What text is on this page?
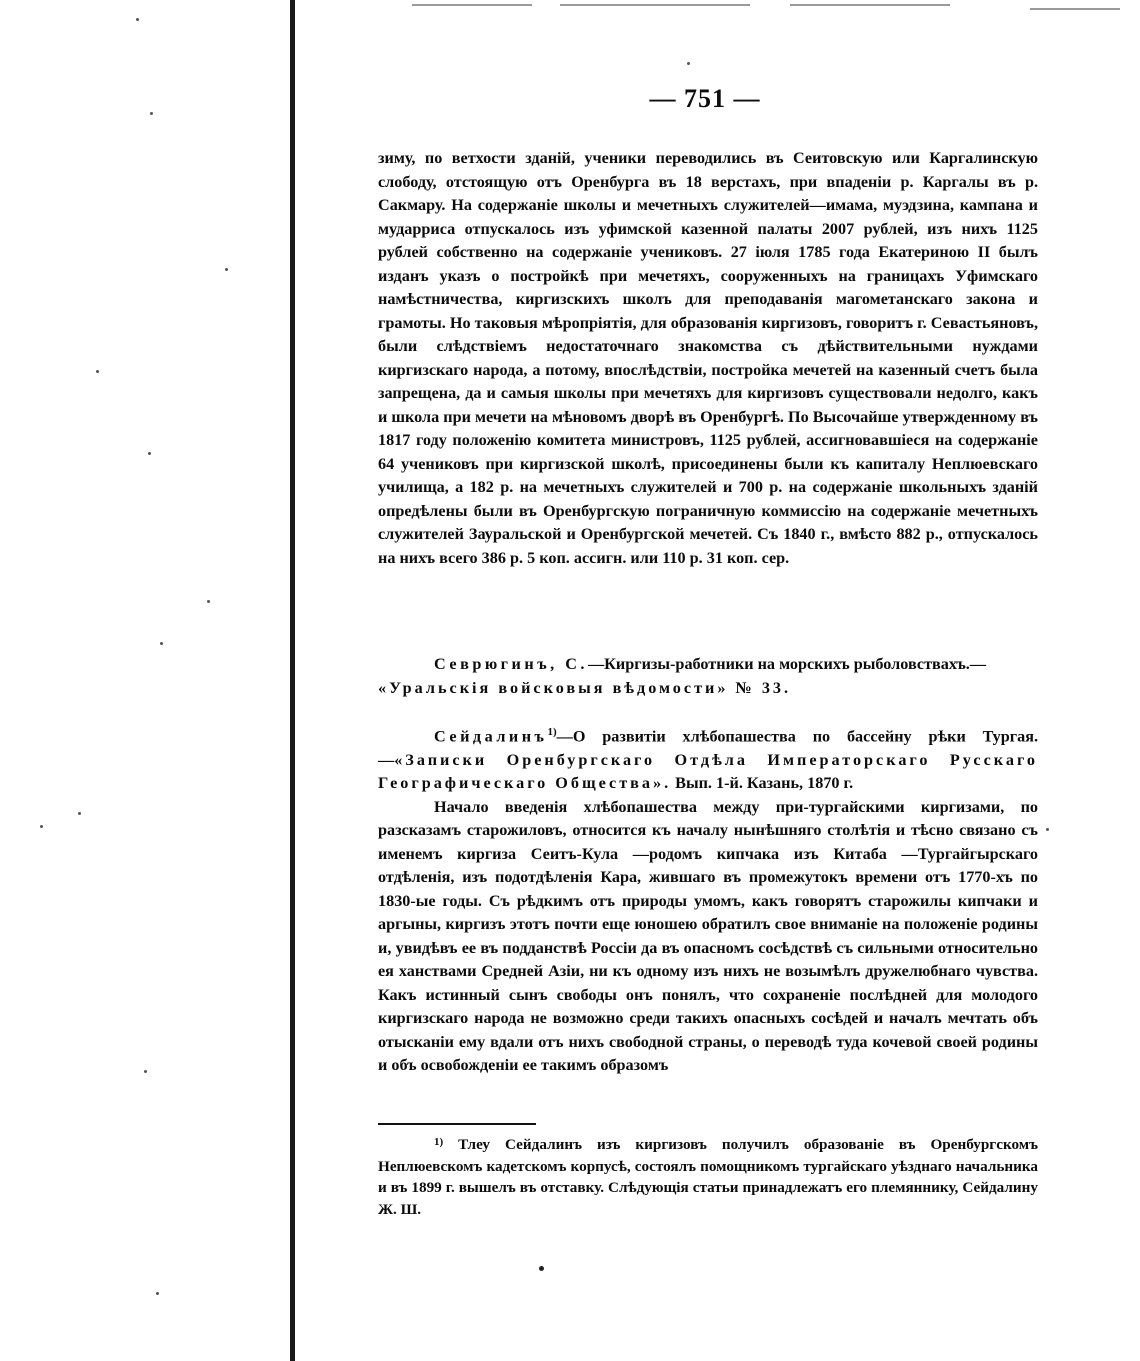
— 751 —

зиму, по ветхости зданій, ученики переводились въ Сеитовскую или Каргалинскую слободу, отстоящую отъ Оренбурга въ 18 верстахъ, при впаденіи р. Каргалы въ р. Сакмару. На содержаніе школы и мечетныхъ служителей—имама, муэдзина, кампана и мударриса отпускалось изъ уфимской казенной палаты 2007 рублей, изъ нихъ 1125 рублей собственно на содержаніе учениковъ. 27 іюля 1785 года Екатериною II былъ изданъ указъ о постройкѣ при мечетяхъ, сооруженныхъ на границахъ Уфимскаго намѣстничества, киргизскихъ школъ для преподаванія магометанскаго закона и грамоты. Но таковыя мѣропріятія, для образованія киргизовъ, говоритъ г. Севастьяновъ, были слѣдствіемъ недостаточнаго знакомства съ дѣйствительными нуждами киргизскаго народа, а потому, впослѣдствіи, постройка мечетей на казенный счетъ была запрещена, да и самыя школы при мечетяхъ для киргизовъ существовали недолго, какъ и школа при мечети на мѣновомъ дворѣ въ Оренбургѣ. По Высочайше утвержденному въ 1817 году положенію комитета министровъ, 1125 рублей, ассигновавшіеся на содержаніе 64 учениковъ при киргизской школѣ, присоединены были къ капиталу Неплюевскаго училища, а 182 р. на мечетныхъ служителей и 700 р. на содержаніе школьныхъ зданій опредѣлены были въ Оренбургскую пограничную коммиссію на содержаніе мечетныхъ служителей Зауральской и Оренбургской мечетей. Съ 1840 г., вмѣсто 882 р., отпускалось на нихъ всего 386 р. 5 коп. ассигн. или 110 р. 31 коп. сер.

Севрюгинъ, С.—Киргизы-работники на морскихъ рыболовствахъ.—
«Уральскія войсковыя вѣдомости» № 33.

Сейдалинъ$^{1)}$—О развитіи хлѣбопашества по бассейну рѣки Тургая.—«Записки Оренбургскаго Отдѣла Императорскаго Русскаго Географическаго Общества». Вып. 1-й. Казань, 1870 г.

Начало введенія хлѣбопашества между при-тургайскими киргизами, по разсказамъ старожиловъ, относится къ началу нынѣшняго столѣтія и тѣсно связано съ именемъ киргиза Сеитъ-Кула —родомъ кипчака изъ Китаба —Тургайгырскаго отдѣленія, изъ подотдѣленія Кара, жившаго въ промежутокъ времени отъ 1770-хъ по 1830-ые годы. Съ рѣдкимъ отъ природы умомъ, какъ говорятъ старожилы кипчаки и аргыны, киргизъ этотъ почти еще юношею обратилъ свое вниманіе на положеніе родины и, увидѣвъ ее въ подданствѣ Россіи да въ опасномъ сосѣдствѣ съ сильными относительно ея ханствами Средней Азіи, ни къ одному изъ нихъ не возымѣлъ дружелюбнаго чувства. Какъ истинный сынъ свободы онъ понялъ, что сохраненіе послѣдней для молодого киргизскаго народа не возможно среди такихъ опасныхъ сосѣдей и началъ мечтать объ отысканіи ему вдали отъ нихъ свободной страны, о переводѣ туда кочевой своей родины и объ освобожденіи ее такимъ образомъ

$^{1)}$ Тлеу Сейдалинъ изъ киргизовъ получилъ образованіе въ Оренбургскомъ Неплюевскомъ кадетскомъ корпусѣ, состоялъ помощникомъ тургайскаго уѣзднаго начальника и въ 1899 г. вышелъ въ отставку. Слѣдующія статьи принадлежатъ его племяннику, Сейдалину Ж. Ш.
